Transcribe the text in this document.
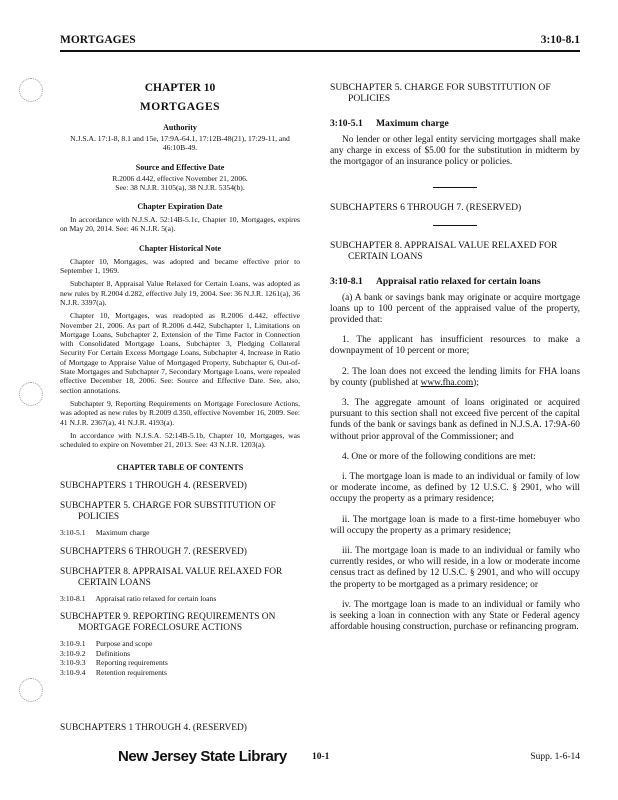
MORTGAGES	3:10-8.1
CHAPTER 10
MORTGAGES
Authority
N.J.S.A. 17:1-8, 8.1 and 15e, 17:9A-64.1, 17:12B-48(21), 17:29-11, and 46:10B-49.
Source and Effective Date
R.2006 d.442, effective November 21, 2006.
See: 38 N.J.R. 3105(a), 38 N.J.R. 5354(b).
Chapter Expiration Date
In accordance with N.J.S.A. 52:14B-5.1c, Chapter 10, Mortgages, expires on May 20, 2014. See: 46 N.J.R. 5(a).
Chapter Historical Note
Chapter 10, Mortgages, was adopted and became effective prior to September 1, 1969.
Subchapter 8, Appraisal Value Relaxed for Certain Loans, was adopted as new rules by R.2004 d.282, effective July 19, 2004. See: 36 N.J.R. 1261(a), 36 N.J.R. 3397(a).
Chapter 10, Mortgages, was readopted as R.2006 d.442, effective November 21, 2006. As part of R.2006 d.442, Subchapter 1, Limitations on Mortgage Loans, Subchapter 2, Extension of the Time Factor in Connection with Consolidated Mortgage Loans, Subchapter 3, Pledging Collateral Security For Certain Excess Mortgage Loans, Subchapter 4, Increase in Ratio of Mortgage to Appraise Value of Mortgaged Property, Subchapter 6, Out-of-State Mortgages and Subchapter 7, Secondary Mortgage Loans, were repealed effective December 18, 2006. See: Source and Effective Date. See, also, section annotations.
Subchapter 9, Reporting Requirements on Mortgage Foreclosure Actions, was adopted as new rules by R.2009 d.350, effective November 16, 2009. See: 41 N.J.R. 2367(a), 41 N.J.R. 4193(a).
In accordance with N.J.S.A. 52:14B-5.1b, Chapter 10, Mortgages, was scheduled to expire on November 21, 2013. See: 43 N.J.R. 1203(a).
CHAPTER TABLE OF CONTENTS
SUBCHAPTERS 1 THROUGH 4. (RESERVED)
SUBCHAPTER 5. CHARGE FOR SUBSTITUTION OF
POLICIES
3:10-5.1 Maximum charge
SUBCHAPTERS 6 THROUGH 7. (RESERVED)
SUBCHAPTER 8. APPRAISAL VALUE RELAXED FOR
CERTAIN LOANS
3:10-8.1 Appraisal ratio relaxed for certain loans
SUBCHAPTER 9. REPORTING REQUIREMENTS ON
MORTGAGE FORECLOSURE ACTIONS
3:10-9.1 Purpose and scope
3:10-9.2 Definitions
3:10-9.3 Reporting requirements
3:10-9.4 Retention requirements
SUBCHAPTERS 1 THROUGH 4. (RESERVED)
SUBCHAPTER 5. CHARGE FOR SUBSTITUTION OF
POLICIES
3:10-5.1 Maximum charge
No lender or other legal entity servicing mortgages shall make any charge in excess of $5.00 for the substitution in midterm by the mortgagor of an insurance policy or policies.
SUBCHAPTERS 6 THROUGH 7. (RESERVED)
SUBCHAPTER 8. APPRAISAL VALUE RELAXED FOR
CERTAIN LOANS
3:10-8.1 Appraisal ratio relaxed for certain loans
(a) A bank or savings bank may originate or acquire mortgage loans up to 100 percent of the appraised value of the property, provided that:
1. The applicant has insufficient resources to make a downpayment of 10 percent or more;
2. The loan does not exceed the lending limits for FHA loans by county (published at www.fha.com);
3. The aggregate amount of loans originated or acquired pursuant to this section shall not exceed five percent of the capital funds of the bank or savings bank as defined in N.J.S.A. 17:9A-60 without prior approval of the Commissioner; and
4. One or more of the following conditions are met:
i. The mortgage loan is made to an individual or family of low or moderate income, as defined by 12 U.S.C. § 2901, who will occupy the property as a primary residence;
ii. The mortgage loan is made to a first-time homebuyer who will occupy the property as a primary residence;
iii. The mortgage loan is made to an individual or family who currently resides, or who will reside, in a low or moderate income census tract as defined by 12 U.S.C. § 2901, and who will occupy the property to be mortgaged as a primary residence; or
iv. The mortgage loan is made to an individual or family who is seeking a loan in connection with any State or Federal agency affordable housing construction, purchase or refinancing program.
New Jersey State Library	10-1	Supp. 1-6-14
